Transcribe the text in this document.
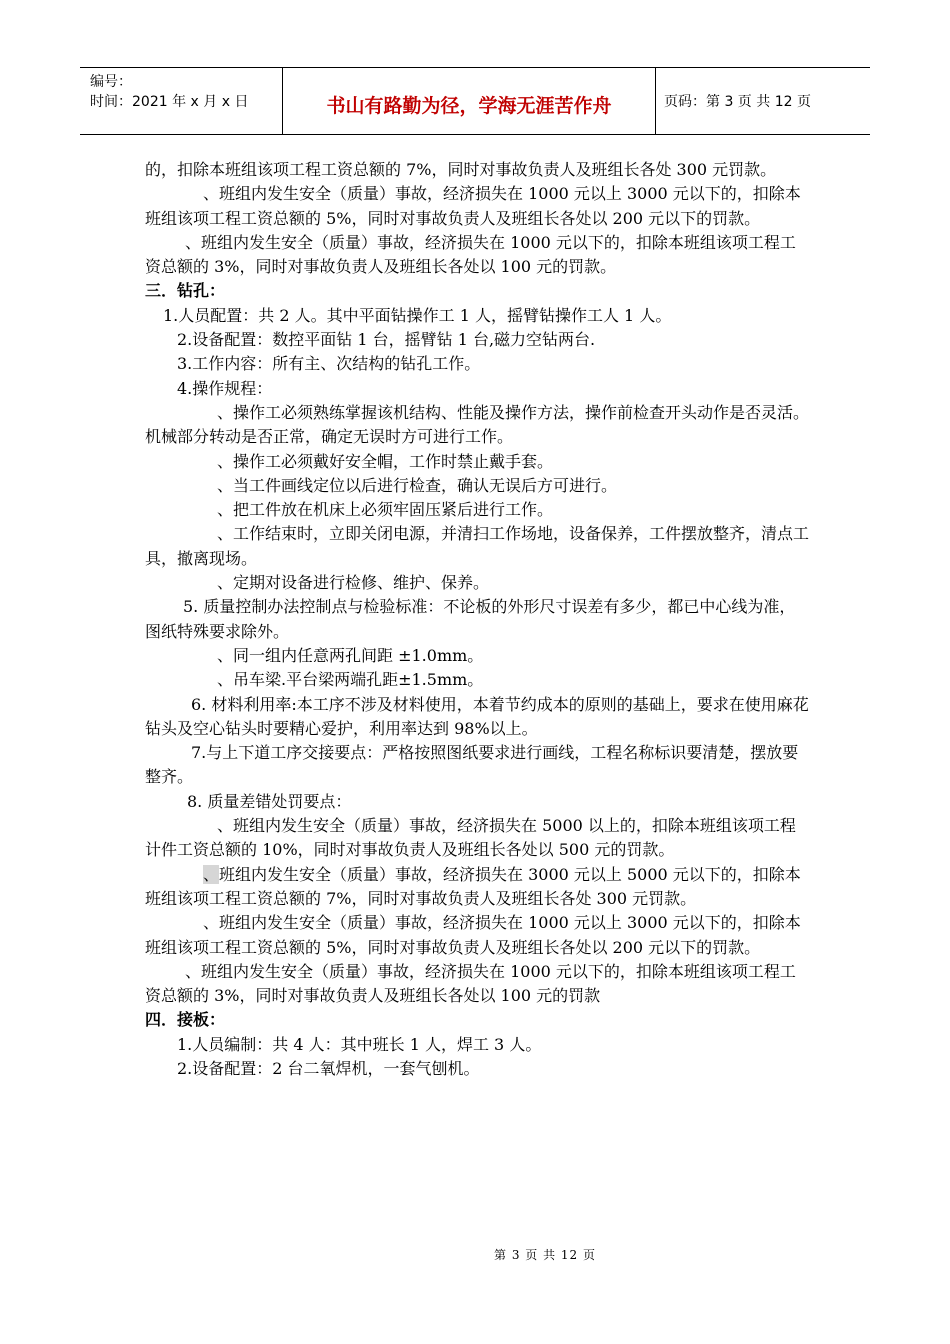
编号：
时间：2021 年 x 月 x 日	书山有路勤为径，学海无涯苦作舟	页码：第 3 页 共 12 页

的，扣除本班组该项工程工资总额的 7%，同时对事故负责人及班组长各处 300 元罚款。

、班组内发生安全（质量）事故，经济损失在 1000 元以上 3000 元以下的，扣除本班组该项工程工资总额的 5%，同时对事故负责人及班组长各处以 200 元以下的罚款。

、班组内发生安全（质量）事故，经济损失在 1000 元以下的，扣除本班组该项工程工资总额的 3%，同时对事故负责人及班组长各处以 100 元的罚款。

三．钻孔：

1.人员配置：共 2 人。其中平面钻操作工 1 人，摇臂钻操作工人 1 人。

2.设备配置：数控平面钻 1 台，摇臂钻 1 台,磁力空钻两台.

3.工作内容：所有主、次结构的钻孔工作。

4.操作规程：

、操作工必须熟练掌握该机结构、性能及操作方法，操作前检查开头动作是否灵活。机械部分转动是否正常，确定无误时方可进行工作。

、操作工必须戴好安全帽，工作时禁止戴手套。

、当工件画线定位以后进行检查，确认无误后方可进行。

、把工件放在机床上必须牢固压紧后进行工作。

、工作结束时，立即关闭电源，并清扫工作场地，设备保养，工件摆放整齐，清点工具，撤离现场。

、定期对设备进行检修、维护、保养。

5. 质量控制办法控制点与检验标准：不论板的外形尺寸误差有多少，都已中心线为准，图纸特殊要求除外。

、同一组内任意两孔间距 ±1.0mm。

、吊车梁.平台梁两端孔距±1.5mm。

6. 材料利用率:本工序不涉及材料使用，本着节约成本的原则的基础上，要求在使用麻花钻头及空心钻头时要精心爱护，利用率达到 98%以上。

7.与上下道工序交接要点：严格按照图纸要求进行画线，工程名称标识要清楚，摆放要整齐。

8. 质量差错处罚要点：

、班组内发生安全（质量）事故，经济损失在 5000 以上的，扣除本班组该项工程计件工资总额的 10%，同时对事故负责人及班组长各处以 500 元的罚款。

、班组内发生安全（质量）事故，经济损失在 3000 元以上 5000 元以下的，扣除本班组该项工程工资总额的 7%，同时对事故负责人及班组长各处 300 元罚款。

、班组内发生安全（质量）事故，经济损失在 1000 元以上 3000 元以下的，扣除本班组该项工程工资总额的 5%，同时对事故负责人及班组长各处以 200 元以下的罚款。

、班组内发生安全（质量）事故，经济损失在 1000 元以下的，扣除本班组该项工程工资总额的 3%，同时对事故负责人及班组长各处以 100 元的罚款

四．接板：

1.人员编制：共 4 人：其中班长 1 人，焊工 3 人。

2.设备配置：2 台二氧焊机，一套气刨机。

第 3 页 共 12 页
